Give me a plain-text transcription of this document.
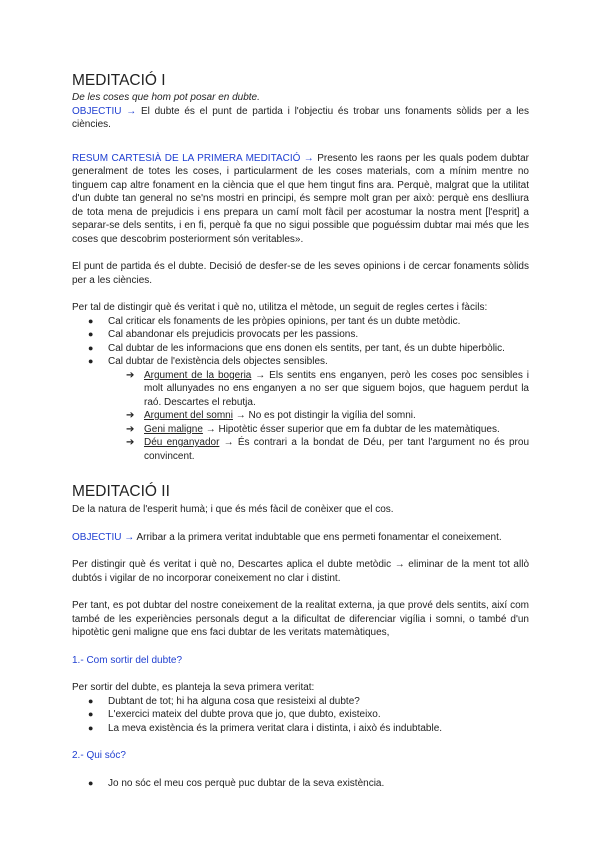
MEDITACIÓ I

De les coses que hom pot posar en dubte.

OBJECTIU → El dubte és el punt de partida i l'objectiu és trobar uns fonaments sòlids per a les ciències.

RESUM CARTESIÀ DE LA PRIMERA MEDITACIÓ → Presento les raons per les quals podem dubtar generalment de totes les coses, i particularment de les coses materials, com a mínim mentre no tinguem cap altre fonament en la ciència que el que hem tingut fins ara. Perquè, malgrat que la utilitat d'un dubte tan general no se'ns mostri en principi, és sempre molt gran per això: perquè ens deslliura de tota mena de prejudicis i ens prepara un camí molt fàcil per acostumar la nostra ment [l'esprit] a separar-se dels sentits, i en fi, perquè fa que no sigui possible que poguéssim dubtar mai més que les coses que descobrim posteriorment són veritables».

El punt de partida és el dubte. Decisió de desfer-se de les seves opinions i de cercar fonaments sòlids per a les ciències.

Per tal de distingir què és veritat i què no, utilitza el mètode, un seguit de regles certes i fàcils:

● Cal criticar els fonaments de les pròpies opinions, per tant és un dubte metòdic.
● Cal abandonar els prejudicis provocats per les passions.
● Cal dubtar de les informacions que ens donen els sentits, per tant, és un dubte hiperbòlic.
● Cal dubtar de l'existència dels objectes sensibles.
➔ Argument de la bogeria → Els sentits ens enganyen, però les coses poc sensibles i molt allunyades no ens enganyen a no ser que siguem bojos, que haguem perdut la raó. Descartes el rebutja.
➔ Argument del somni → No es pot distingir la vigília del somni.
➔ Geni maligne → Hipotètic ésser superior que em fa dubtar de les matemàtiques.
➔ Déu enganyador → És contrari a la bondat de Déu, per tant l'argument no és prou convincent.
MEDITACIÓ II

De la natura de l'esperit humà; i que és més fàcil de conèixer que el cos.

OBJECTIU → Arribar a la primera veritat indubtable que ens permeti fonamentar el coneixement.

Per distingir què és veritat i què no, Descartes aplica el dubte metòdic → eliminar de la ment tot allò dubtós i vigilar de no incorporar coneixement no clar i distint.

Per tant, es pot dubtar del nostre coneixement de la realitat externa, ja que prové dels sentits, així com també de les experiències personals degut a la dificultat de diferenciar vigília i somni, o també d'un hipotètic geni maligne que ens faci dubtar de les veritats matemàtiques,

1.- Com sortir del dubte?

Per sortir del dubte, es planteja la seva primera veritat:

● Dubtant de tot; hi ha alguna cosa que resisteixi al dubte?
● L'exercici mateix del dubte prova que jo, que dubto, existeixo.
● La meva existència és la primera veritat clara i distinta, i això és indubtable.

2.- Qui sóc?

● Jo no sóc el meu cos perquè puc dubtar de la seva existència.
